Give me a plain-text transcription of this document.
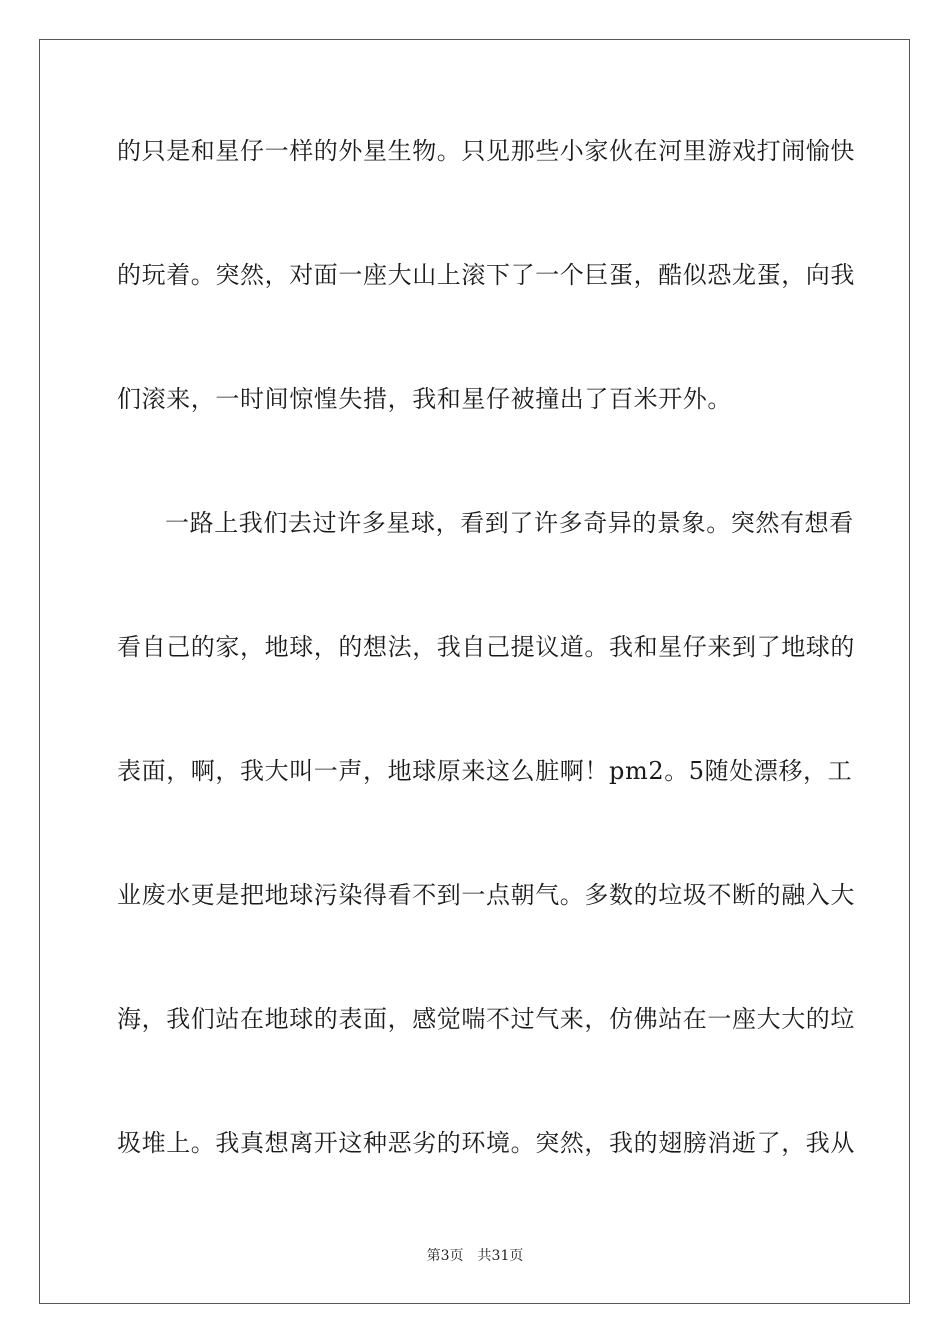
的只是和星仔一样的外星生物。只见那些小家伙在河里游戏打闹愉快
的玩着。突然，对面一座大山上滚下了一个巨蛋，酷似恐龙蛋，向我
们滚来，一时间惊惶失措，我和星仔被撞出了百米开外。
一路上我们去过许多星球，看到了许多奇异的景象。突然有想看
看自己的家，地球，的想法，我自己提议道。我和星仔来到了地球的
表面，啊，我大叫一声，地球原来这么脏啊！pm2。5随处漂移，工
业废水更是把地球污染得看不到一点朝气。多数的垃圾不断的融入大
海，我们站在地球的表面，感觉喘不过气来，仿佛站在一座大大的垃
圾堆上。我真想离开这种恶劣的环境。突然，我的翅膀消逝了，我从
第3页 共31页
